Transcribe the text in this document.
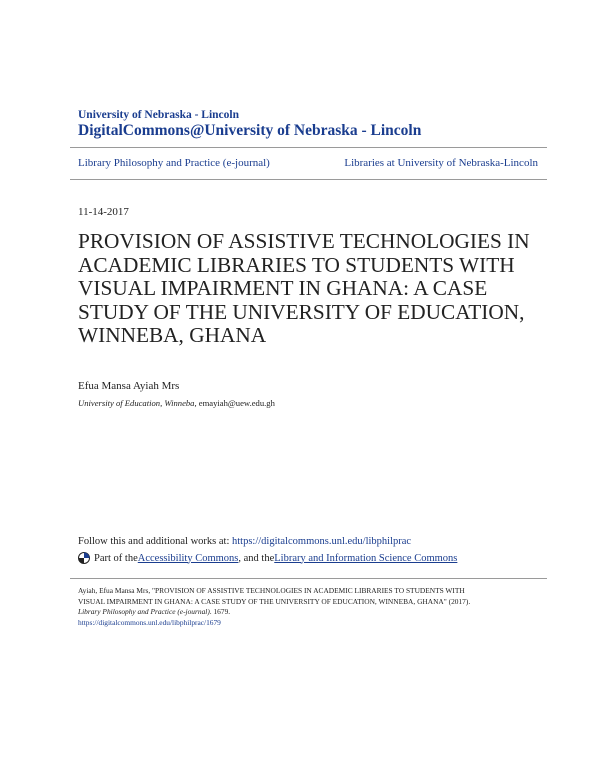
University of Nebraska - Lincoln
DigitalCommons@University of Nebraska - Lincoln
Library Philosophy and Practice (e-journal)	Libraries at University of Nebraska-Lincoln
11-14-2017
PROVISION OF ASSISTIVE TECHNOLOGIES IN ACADEMIC LIBRARIES TO STUDENTS WITH VISUAL IMPAIRMENT IN GHANA: A CASE STUDY OF THE UNIVERSITY OF EDUCATION, WINNEBA, GHANA
Efua Mansa Ayiah Mrs
University of Education, Winneba, emayiah@uew.edu.gh
Follow this and additional works at: https://digitalcommons.unl.edu/libphilprac
Part of the Accessibility Commons , and the Library and Information Science Commons
Ayiah, Efua Mansa Mrs, "PROVISION OF ASSISTIVE TECHNOLOGIES IN ACADEMIC LIBRARIES TO STUDENTS WITH
VISUAL IMPAIRMENT IN GHANA: A CASE STUDY OF THE UNIVERSITY OF EDUCATION, WINNEBA, GHANA" (2017).
Library Philosophy and Practice (e-journal). 1679.
https://digitalcommons.unl.edu/libphilprac/1679
